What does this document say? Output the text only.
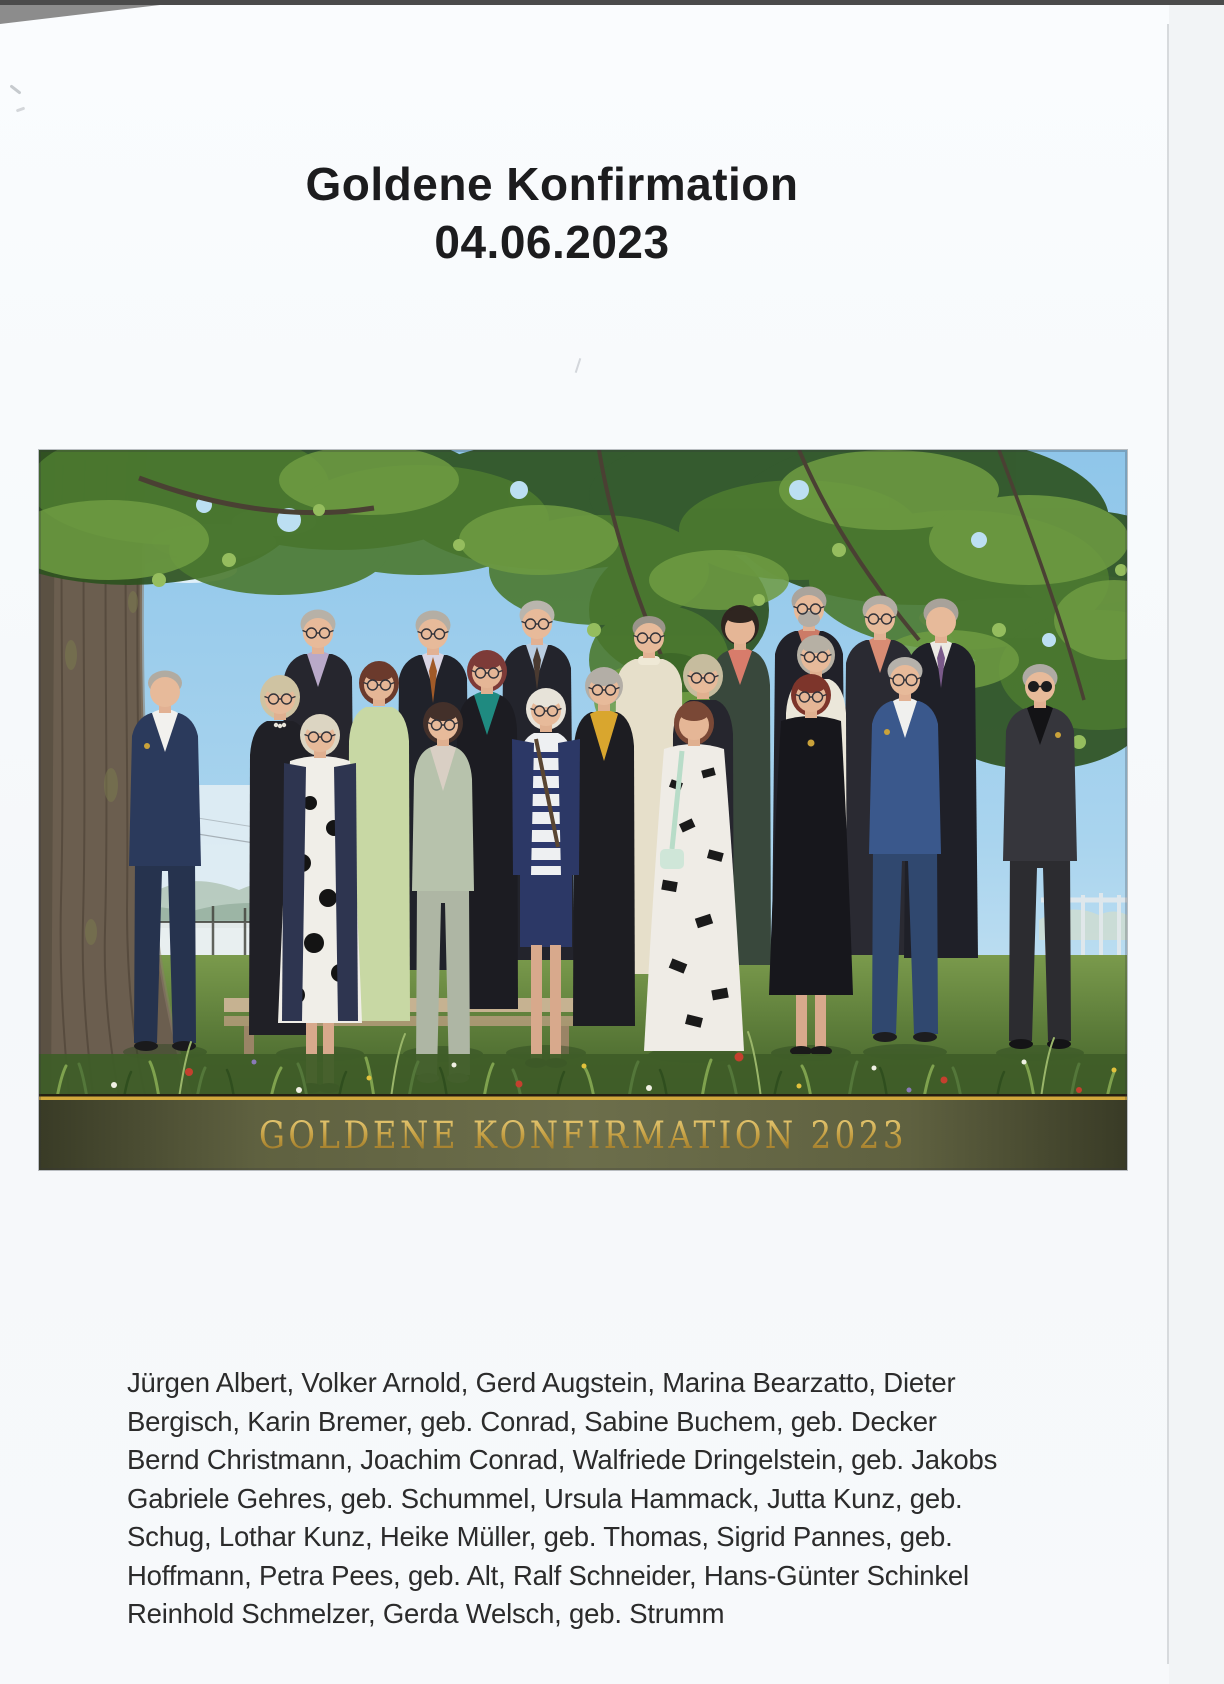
Goldene Konfirmation
04.06.2023
GOLDENE KONFIRMATION 2023
Jürgen Albert, Volker Arnold, Gerd Augstein, Marina Bearzatto, Dieter
Bergisch, Karin Bremer, geb. Conrad, Sabine Buchem, geb. Decker
Bernd Christmann, Joachim Conrad, Walfriede Dringelstein, geb. Jakobs
Gabriele Gehres, geb. Schummel, Ursula Hammack, Jutta Kunz, geb.
Schug, Lothar Kunz, Heike Müller, geb. Thomas, Sigrid Pannes, geb.
Hoffmann, Petra Pees, geb. Alt, Ralf Schneider, Hans-Günter Schinkel
Reinhold Schmelzer, Gerda Welsch, geb. Strumm
